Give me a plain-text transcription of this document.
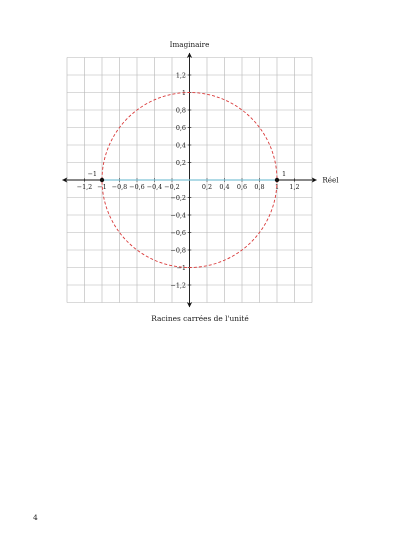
Réel
Imaginaire
−1,2 −1 −0,8 −0,6 −0,4 −0,2	0,2 0,4 0,6 0,8 1 1,2
1,2
1
0,8
0,6
0,4
0,2
−0,2
−0,4
−0,6
−0,8
−1
−1,2
−1	1
Racines carrées de l'unité
4
